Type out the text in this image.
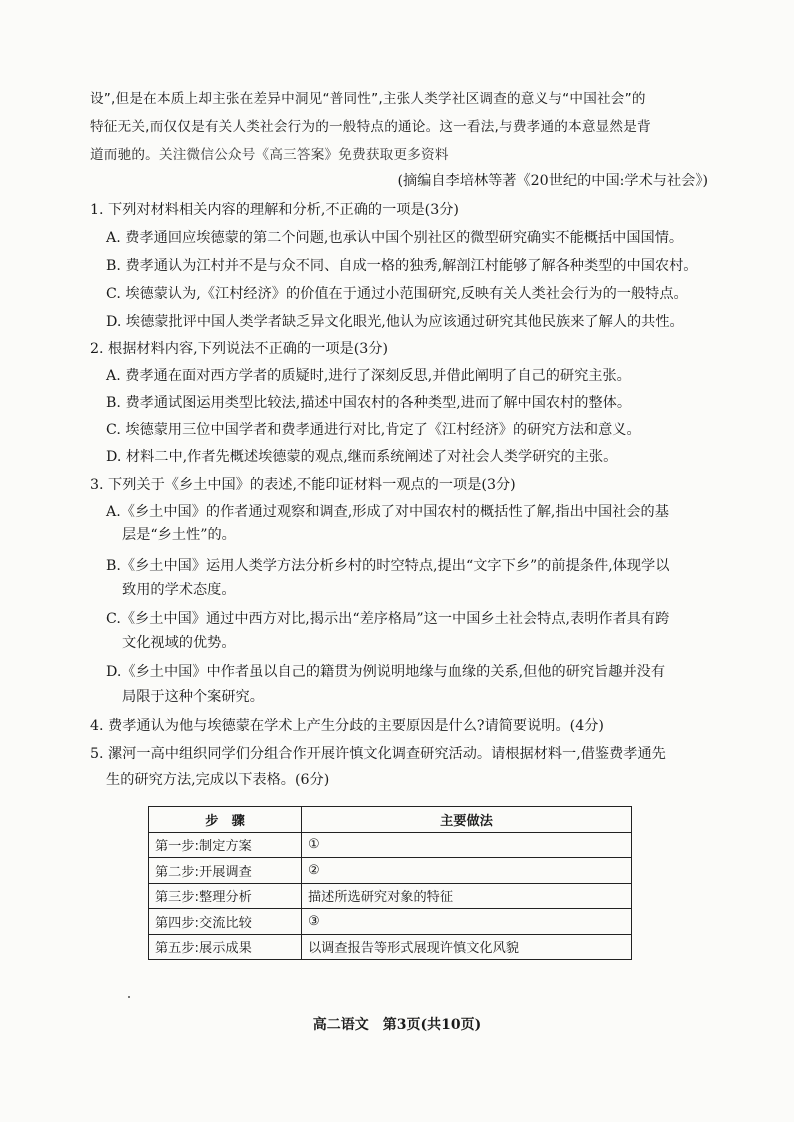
设”,但是在本质上却主张在差异中洞见“普同性”,主张人类学社区调查的意义与“中国社会”的
特征无关,而仅仅是有关人类社会行为的一般特点的通论。这一看法,与费孝通的本意显然是背
道而驰的。关注微信公众号《高三答案》免费获取更多资料
(摘编自李培林等著《20世纪的中国:学术与社会》)
1. 下列对材料相关内容的理解和分析,不正确的一项是(3分)
A. 费孝通回应埃德蒙的第二个问题,也承认中国个别社区的微型研究确实不能概括中国国情。
B. 费孝通认为江村并不是与众不同、自成一格的独秀,解剖江村能够了解各种类型的中国农村。
C. 埃德蒙认为,《江村经济》的价值在于通过小范围研究,反映有关人类社会行为的一般特点。
D. 埃德蒙批评中国人类学者缺乏异文化眼光,他认为应该通过研究其他民族来了解人的共性。
2. 根据材料内容,下列说法不正确的一项是(3分)
A. 费孝通在面对西方学者的质疑时,进行了深刻反思,并借此阐明了自己的研究主张。
B. 费孝通试图运用类型比较法,描述中国农村的各种类型,进而了解中国农村的整体。
C. 埃德蒙用三位中国学者和费孝通进行对比,肯定了《江村经济》的研究方法和意义。
D. 材料二中,作者先概述埃德蒙的观点,继而系统阐述了对社会人类学研究的主张。
3. 下列关于《乡土中国》的表述,不能印证材料一观点的一项是(3分)
A.《乡土中国》的作者通过观察和调查,形成了对中国农村的概括性了解,指出中国社会的基
层是“乡土性”的。
B.《乡土中国》运用人类学方法分析乡村的时空特点,提出“文字下乡”的前提条件,体现学以
致用的学术态度。
C.《乡土中国》通过中西方对比,揭示出“差序格局”这一中国乡土社会特点,表明作者具有跨
文化视域的优势。
D.《乡土中国》中作者虽以自己的籍贯为例说明地缘与血缘的关系,但他的研究旨趣并没有
局限于这种个案研究。
4. 费孝通认为他与埃德蒙在学术上产生分歧的主要原因是什么?请简要说明。(4分)
5. 漯河一高中组织同学们分组合作开展许慎文化调查研究活动。请根据材料一,借鉴费孝通先
生的研究方法,完成以下表格。(6分)
步　骤	主要做法
第一步:制定方案	①
第二步:开展调查	②
第三步:整理分析	描述所选研究对象的特征
第四步:交流比较	③
第五步:展示成果	以调查报告等形式展现许慎文化风貌
高二语文　第3页(共10页)
